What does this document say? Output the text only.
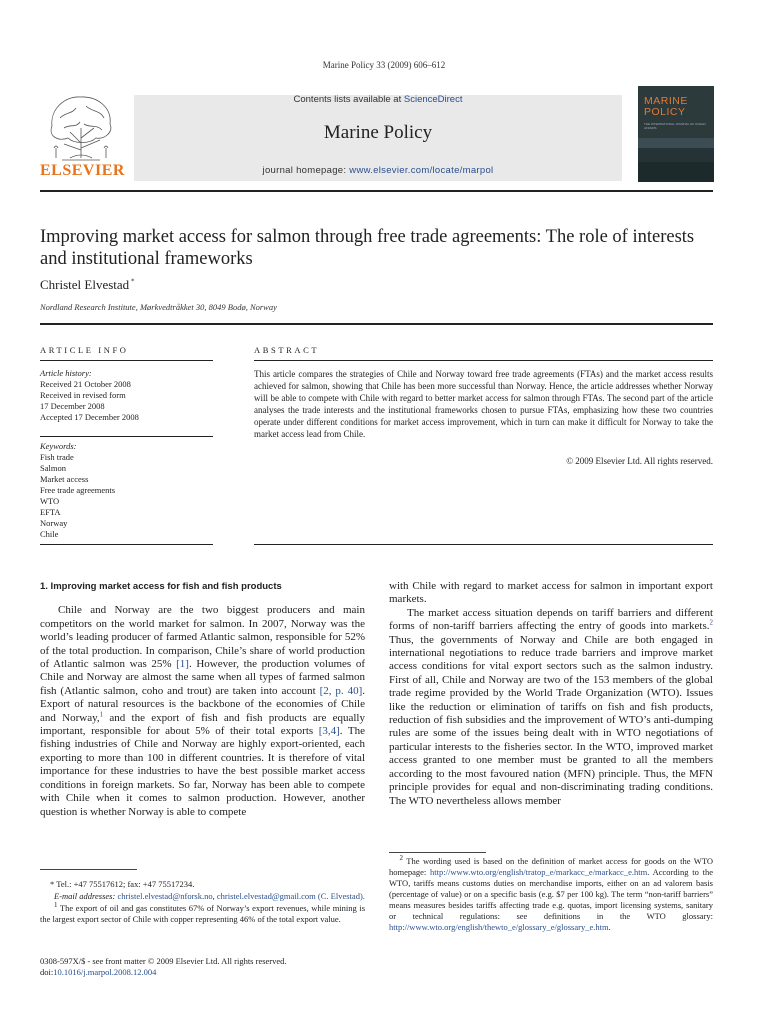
Marine Policy 33 (2009) 606–612
ELSEVIER
Contents lists available at ScienceDirect
Marine Policy
journal homepage: www.elsevier.com/locate/marpol
MARINE
POLICY
THE INTERNATIONAL JOURNAL OF OCEAN AFFAIRS
Improving market access for salmon through free trade agreements: The role of interests and institutional frameworks
Christel Elvestad *
Nordland Research Institute, Mørkvedtråkket 30, 8049 Bodø, Norway
ARTICLE INFO
Article history:
Received 21 October 2008
Received in revised form
17 December 2008
Accepted 17 December 2008
Keywords:
Fish trade
Salmon
Market access
Free trade agreements
WTO
EFTA
Norway
Chile
ABSTRACT
This article compares the strategies of Chile and Norway toward free trade agreements (FTAs) and the market access results achieved for salmon, showing that Chile has been more successful than Norway. Hence, the article addresses whether Norway will be able to compete with Chile with regard to better market access for salmon through FTAs. The second part of the article analyses the trade interests and the institutional frameworks chosen to pursue FTAs, emphasizing how these two countries operate under different conditions for market access improvement, which in turn can make it difficult for Norway to take the market access lead from Chile.
© 2009 Elsevier Ltd. All rights reserved.
1. Improving market access for fish and fish products

Chile and Norway are the two biggest producers and main competitors on the world market for salmon. In 2007, Norway was the world’s leading producer of farmed Atlantic salmon, responsible for 52% of the total production. In comparison, Chile’s share of world production of Atlantic salmon was 25% [1]. However, the production volumes of Chile and Norway are almost the same when all types of farmed salmon fish (Atlantic salmon, coho and trout) are taken into account [2, p. 40]. Export of natural resources is the backbone of the economies of Chile and Norway,$^1$ and the export of fish and fish products are equally important, responsible for about 5% of their total exports [3,4]. The fishing industries of Chile and Norway are highly export-oriented, each exporting to more than 100 in different countries. It is therefore of vital importance for these industries to have the best possible market access conditions in foreign markets. So far, Norway has been able to compete with Chile when it comes to salmon production. However, another question is whether Norway is able to compete

with Chile with regard to market access for salmon in important export markets.

The market access situation depends on tariff barriers and different forms of non-tariff barriers affecting the entry of goods into markets.$^2$ Thus, the governments of Norway and Chile are both engaged in international negotiations to reduce trade barriers and improve market access conditions for vital export sectors such as the salmon industry. First of all, Chile and Norway are two of the 153 members of the global trade regime provided by the World Trade Organization (WTO). Issues like the reduction or elimination of tariffs on fish and fish products, reduction of fish subsidies and the improvement of WTO’s anti-dumping rules are some of the issues being dealt with in WTO negotiations of particular interests to the fisheries sector. In the WTO, improved market access granted to one member must be granted to all the members according to the most favoured nation (MFN) principle. Thus, the MFN principle provides for equal and non-discriminating trading conditions. The WTO nevertheless allows member

$^2$ The wording used is based on the definition of market access for goods on the WTO homepage: http://www.wto.org/english/tratop_e/markacc_e/markacc_e.htm. According to the WTO, tariffs means customs duties on merchandise imports, either on an ad valorem basis (percentage of value) or on a specific basis (e.g. $7 per 100 kg). The term “non-tariff barriers” means measures besides tariffs affecting trade e.g. quotas, import licensing systems, sanitary or technical regulations: see definitions in the WTO glossary: http://www.wto.org/english/thewto_e/glossary_e/glossary_e.htm.

* Tel.: +47 75517612; fax: +47 75517234.

E-mail addresses: christel.elvestad@nforsk.no, christel.elvestad@gmail.com (C. Elvestad).

$^1$ The export of oil and gas constitutes 67% of Norway’s export revenues, while mining is the largest export sector of Chile with copper representing 46% of the total export value.

0308-597X/$ - see front matter © 2009 Elsevier Ltd. All rights reserved.
doi:10.1016/j.marpol.2008.12.004
